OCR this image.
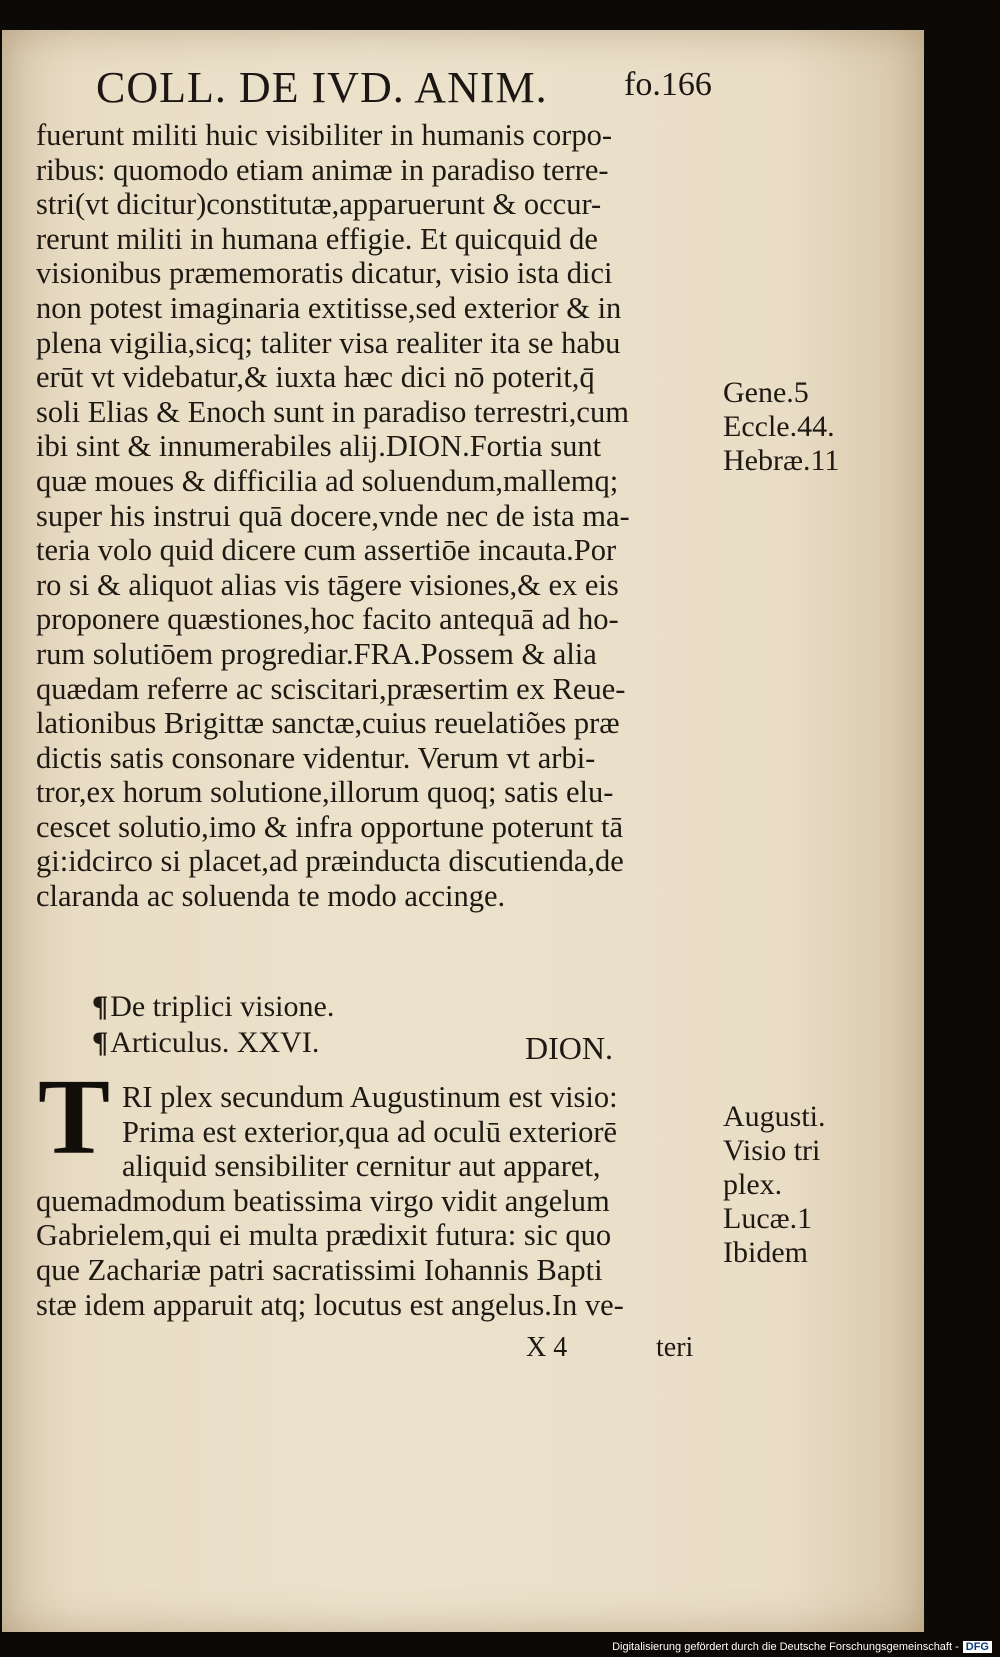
COLL. DE IVD. ANIM. fo.166
fuerunt militi huic visibiliter in humanis corpo-
ribus: quomodo etiam animæ in paradiso terre-
stri(vt dicitur)constitutæ,apparuerunt & occur-
rerunt militi in humana effigie. Et quicquid de
visionibus præmemoratis dicatur, visio ista dici
non potest imaginaria extitisse,sed exterior & in
plena vigilia,sicq; taliter visa realiter ita se habu
erūt vt videbatur,& iuxta hæc dici nō poterit,q̄
soli Elias & Enoch sunt in paradiso terrestri,cum
ibi sint & innumerabiles alij.DION.Fortia sunt
quæ moues & difficilia ad soluendum,mallemq;
super his instrui quā docere,vnde nec de ista ma-
teria volo quid dicere cum assertiōe incauta.Por
ro si & aliquot alias vis tāgere visiones,& ex eis
proponere quæstiones,hoc facito antequā ad ho-
rum solutiōem progrediar.FRA.Possem & alia
quædam referre ac sciscitari,præsertim ex Reue-
lationibus Brigittæ sanctæ,cuius reuelatiões præ
dictis satis consonare videntur. Verum vt arbi-
tror,ex horum solutione,illorum quoq; satis elu-
cescet solutio,imo & infra opportune poterunt tā
gi:idcirco si placet,ad præinducta discutienda,de
claranda ac soluenda te modo accinge.
¶De triplici visione.
¶Articulus. XXVI.	DION.
T RI plex secundum Augustinum est visio:
Prima est exterior,qua ad oculū exteriorē
aliquid sensibiliter cernitur aut apparet,
quemadmodum beatissima virgo vidit angelum
Gabrielem,qui ei multa prædixit futura: sic quo
que Zachariæ patri sacratissimi Iohannis Bapti
stæ idem apparuit atq; locutus est angelus.In ve-
X 4	teri
Gene.5
Eccle.44.
Hebræ.11
Augusti.
Visio tri
plex.
Lucæ.1
Ibidem
Digitalisierung gefördert durch die Deutsche Forschungsgemeinschaft - DFG
